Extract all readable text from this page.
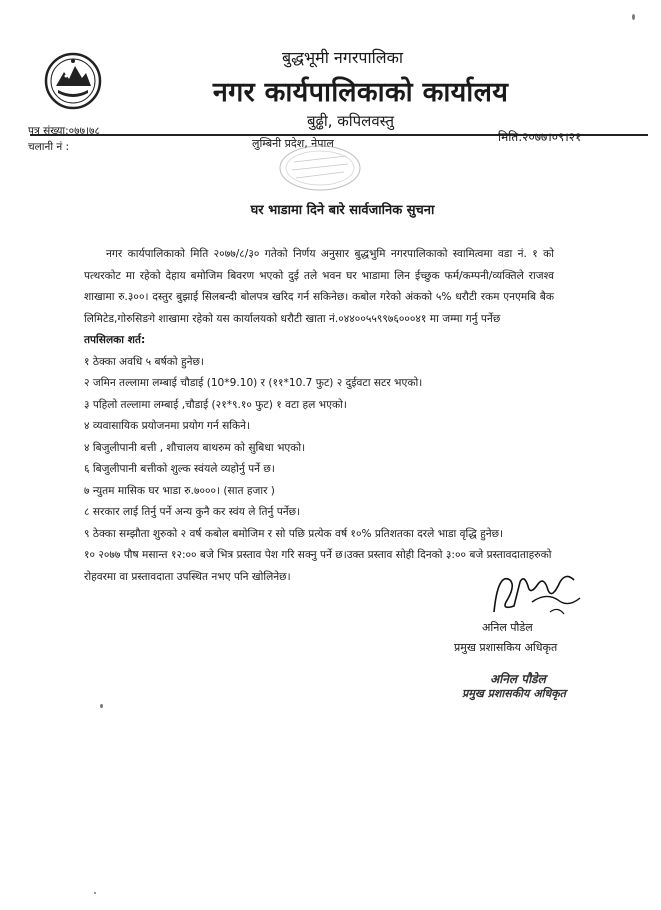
बुद्धभूमी नगरपालिका
नगर कार्यपालिकाको कार्यालय
बुढ्ढी, कपिलवस्तु
लुम्बिनी प्रदेश, नेपाल
पत्र संख्या:०७७।७८
चलानी नं :
मिति:२०७७।०९।२१
घर भाडामा दिने बारे सार्वजानिक सुचना

नगर कार्यपालिकाको मिति २०७७/८/३० गतेको निर्णय अनुसार बुद्धभुमि नगरपालिकाको स्वामित्वमा वडा नं. १ को पत्थरकोट मा रहेको देहाय बमोजिम बिवरण भएको दुई तले भवन घर भाडामा लिन ईच्छुक फर्म/कम्पनी/व्यक्तिले राजश्व शाखामा रु.३००। दस्तुर बुझाई सिलबन्दी बोलपत्र खरिद गर्न सकिनेछ। कबोल गरेको अंकको ५% धरौटी रकम एनएमबि बैक लिमिटेड,गोरुसिङगे शाखामा रहेको यस कार्यालयको धरौटी खाता नं.०४४००५५९९७६०००४१ मा जम्मा गर्नु पर्नेछ

तपसिलका शर्त:

१ ठेक्का अवधि ५ बर्षको हुनेछ।

२ जमिन तल्लामा लम्बाई चौडाई (10*9.10) र (११*10.7 फुट) २ दुईवटा सटर भएको।

३ पहिलो तल्लामा लम्बाई ,चौडाई (२१*९.१० फुट) १ वटा हल भएको।

४ व्यवासायिक प्रयोजनमा प्रयोग गर्न सकिने।

४ बिजुलीपानी बत्ती , शौचालय बाथरुम को सुबिधा भएको।

६ बिजुलीपानी बत्तीको शुल्क स्वंयले व्यहोर्नु पर्ने छ।

७ न्युतम मासिक घर भाडा रु.७०००। (सात हजार )

८ सरकार लाई तिर्नु पर्ने अन्य कुनै कर स्वंय ले तिर्नु पर्नेछ।

९ ठेक्का सम्झौता शुरुको २ वर्ष कबोल बमोजिम र सो पछि प्रत्येक वर्ष १०% प्रतिशतका दरले भाडा वृद्धि हुनेछ।

१० २०७७ पौष मसान्त १२:०० बजे भित्र प्रस्ताव पेश गरि सक्नु पर्ने छ।उक्त प्रस्ताव सोही दिनको ३:०० बजे प्रस्तावदाताहरुको रोहवरमा वा प्रस्तावदाता उपस्थित नभए पनि खोलिनेछ।

अनिल पौडेल
प्रमुख प्रशासकिय अधिकृत
अनिल पौडेल
प्रमुख प्रशासकीय अधिकृत
